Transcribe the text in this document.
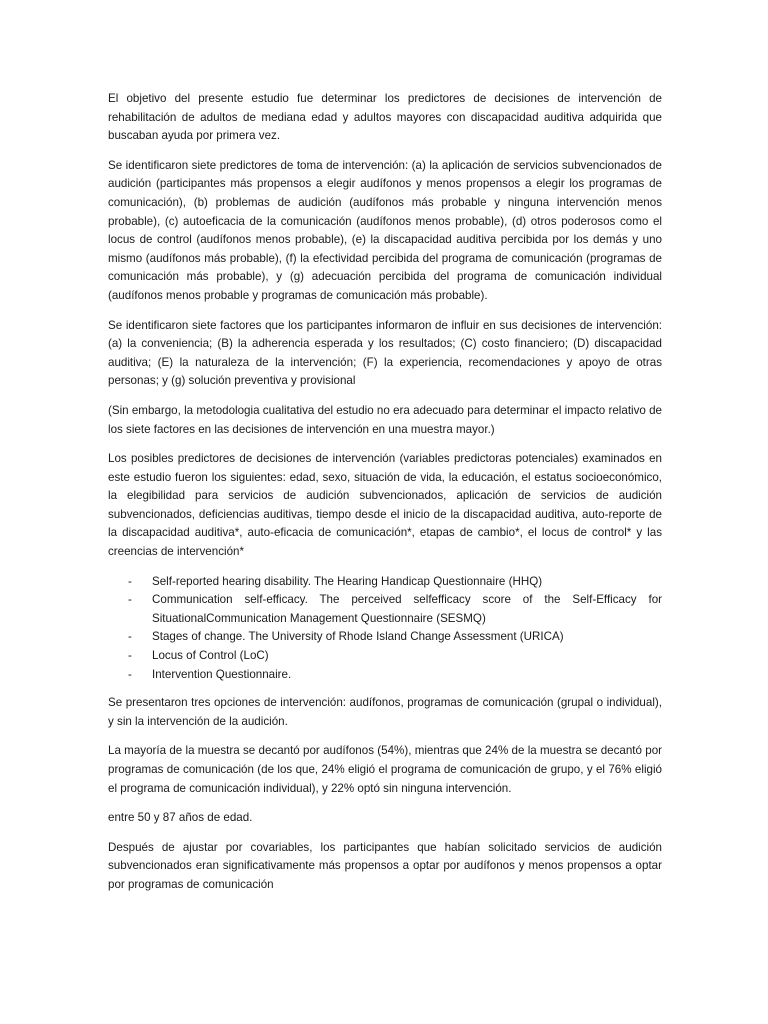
El objetivo del presente estudio fue determinar los predictores de decisiones de intervención de rehabilitación de adultos de mediana edad y adultos mayores con discapacidad auditiva adquirida que buscaban ayuda por primera vez.

Se identificaron siete predictores de toma de intervención: (a) la aplicación de servicios subvencionados de audición (participantes más propensos a elegir audífonos y menos propensos a elegir los programas de comunicación), (b) problemas de audición (audífonos más probable y ninguna intervención menos probable), (c) autoeficacia de la comunicación (audífonos menos probable), (d) otros poderosos como el locus de control (audífonos menos probable), (e) la discapacidad auditiva percibida por los demás y uno mismo (audífonos más probable), (f) la efectividad percibida del programa de comunicación (programas de comunicación más probable), y (g) adecuación percibida del programa de comunicación individual (audífonos menos probable y programas de comunicación más probable).

Se identificaron siete factores que los participantes informaron de influir en sus decisiones de intervención: (a) la conveniencia; (B) la adherencia esperada y los resultados; (C) costo financiero; (D) discapacidad auditiva; (E) la naturaleza de la intervención; (F) la experiencia, recomendaciones y apoyo de otras personas; y (g) solución preventiva y provisional

(Sin embargo, la metodologia cualitativa del estudio no era adecuado para determinar el impacto relativo de los siete factores en las decisiones de intervención en una muestra mayor.)

Los posibles predictores de decisiones de intervención (variables predictoras potenciales) examinados en este estudio fueron los siguientes: edad, sexo, situación de vida, la educación, el estatus socioeconómico, la elegibilidad para servicios de audición subvencionados, aplicación de servicios de audición subvencionados, deficiencias auditivas, tiempo desde el inicio de la discapacidad auditiva, auto-reporte de la discapacidad auditiva*, auto-eficacia de comunicación*, etapas de cambio*, el locus de control* y las creencias de intervención*

- Self-reported hearing disability. The Hearing Handicap Questionnaire (HHQ)
- Communication self-efficacy. The perceived selfefficacy score of the Self-Efficacy for SituationalCommunication Management Questionnaire (SESMQ)
- Stages of change. The University of Rhode Island Change Assessment (URICA)
- Locus of Control (LoC)
- Intervention Questionnaire.

Se presentaron tres opciones de intervención: audífonos, programas de comunicación (grupal o individual), y sin la intervención de la audición.

La mayoría de la muestra se decantó por audífonos (54%), mientras que 24% de la muestra se decantó por programas de comunicación (de los que, 24% eligió el programa de comunicación de grupo, y el 76% eligió el programa de comunicación individual), y 22% optó sin ninguna intervención.

entre 50 y 87 años de edad.

Después de ajustar por covariables, los participantes que habían solicitado servicios de audición subvencionados eran significativamente más propensos a optar por audífonos y menos propensos a optar por programas de comunicación
